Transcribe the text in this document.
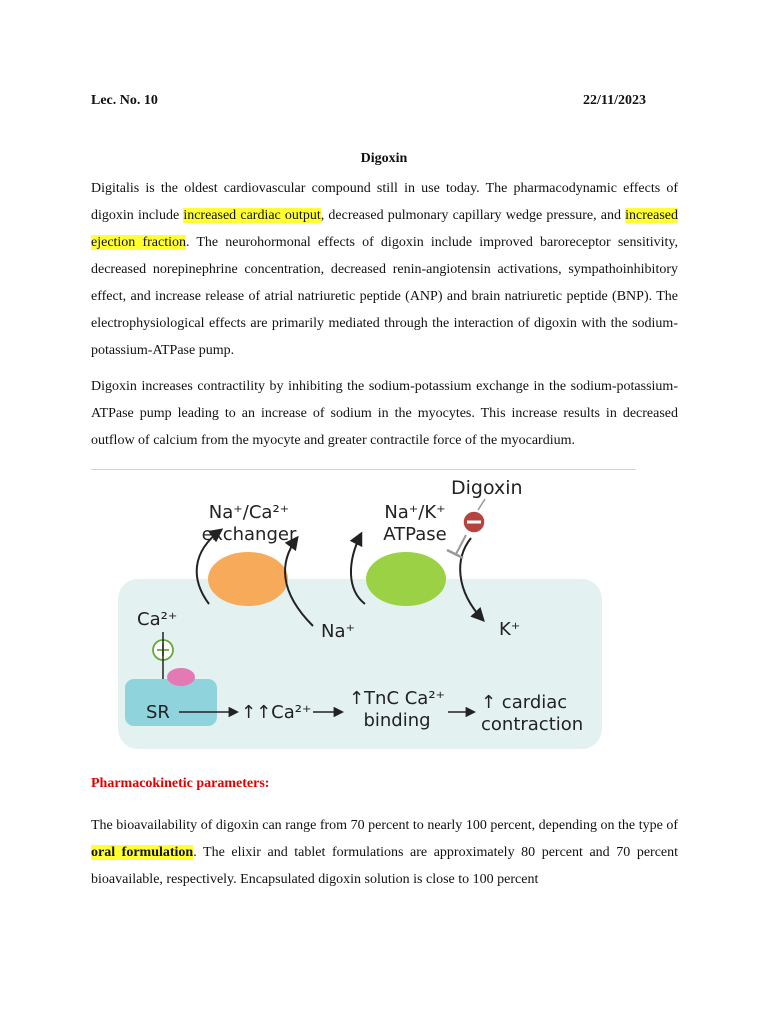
Lec. No. 10	22/11/2023
Digoxin

Digitalis is the oldest cardiovascular compound still in use today. The pharmacodynamic effects of digoxin include increased cardiac output, decreased pulmonary capillary wedge pressure, and increased ejection fraction. The neurohormonal effects of digoxin include improved baroreceptor sensitivity, decreased norepinephrine concentration, decreased renin-angiotensin activations, sympathoinhibitory effect, and increase release of atrial natriuretic peptide (ANP) and brain natriuretic peptide (BNP). The electrophysiological effects are primarily mediated through the interaction of digoxin with the sodium-potassium-ATPase pump.

Digoxin increases contractility by inhibiting the sodium-potassium exchange in the sodium-potassium-ATPase pump leading to an increase of sodium in the myocytes. This increase results in decreased outflow of calcium from the myocyte and greater contractile force of the myocardium.

Na⁺/Ca²⁺
exchanger
Na⁺/K⁺
ATPase
Digoxin
Ca²⁺
Na⁺	K⁺
SR	↑↑Ca²⁺
↑TnC Ca²⁺
binding
↑ cardiac
contraction
Pharmacokinetic parameters:

The bioavailability of digoxin can range from 70 percent to nearly 100 percent, depending on the type of oral formulation. The elixir and tablet formulations are approximately 80 percent and 70 percent bioavailable, respectively. Encapsulated digoxin solution is close to 100 percent
